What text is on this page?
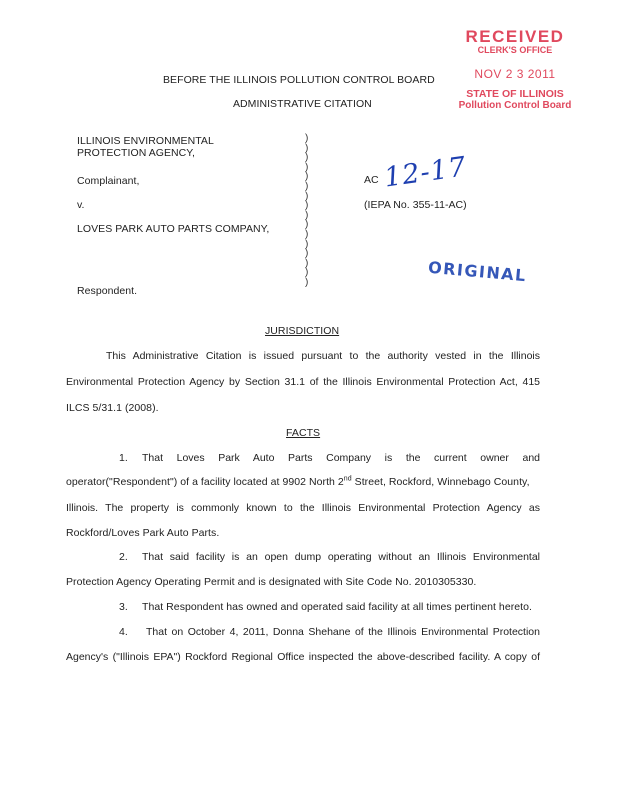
RECEIVED
CLERK'S OFFICE
NOV 2 3 2011
STATE OF ILLINOIS
Pollution Control Board
BEFORE THE ILLINOIS POLLUTION CONTROL BOARD
ADMINISTRATIVE CITATION
ILLINOIS ENVIRONMENTAL
PROTECTION AGENCY,
Complainant,
v.
LOVES PARK AUTO PARTS COMPANY,
Respondent.
)
)
)
)
)
)
)
)
)
)
)
)
)
)
)
)
AC 12-17
(IEPA No. 355-11-AC)
ORIGINAL
JURISDICTION
This Administrative Citation is issued pursuant to the authority vested in the Illinois
Environmental Protection Agency by Section 31.1 of the Illinois Environmental Protection Act, 415
ILCS 5/31.1 (2008).
FACTS
1. That Loves Park Auto Parts Company is the current owner and
operator("Respondent") of a facility located at 9902 North 2nd Street, Rockford, Winnebago County,
Illinois. The property is commonly known to the Illinois Environmental Protection Agency as
Rockford/Loves Park Auto Parts.
2. That said facility is an open dump operating without an Illinois Environmental
Protection Agency Operating Permit and is designated with Site Code No. 2010305330.
3. That Respondent has owned and operated said facility at all times pertinent hereto.
4. That on October 4, 2011, Donna Shehane of the Illinois Environmental Protection
Agency's ("Illinois EPA") Rockford Regional Office inspected the above-described facility. A copy of
